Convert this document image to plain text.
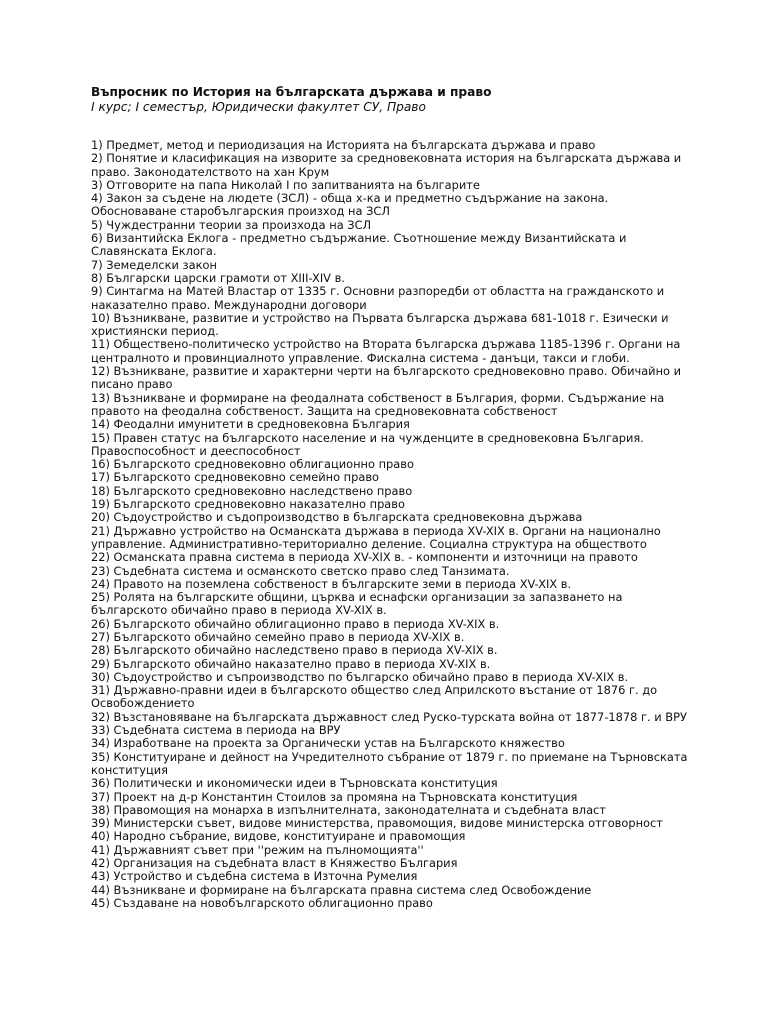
Въпросник по История на българската държава и право

I курс; I семестър, Юридически факултет СУ, Право

1) Предмет, метод и периодизация на Историята на българската държава и право
2) Понятие и класификация на изворите за средновековната история на българската държава и право. Законодателството на хан Крум
3) Отговорите на папа Николай I по запитванията на българите
4) Закон за съдене на людете (ЗСЛ) - обща х-ка и предметно съдържание на закона. Обосноваване старобългарския произход на ЗСЛ
5) Чуждестранни теории за произхода на ЗСЛ
6) Византийска Еклога - предметно съдържание. Съотношение между Византийската и Славянската Еклога.
7) Земеделски закон
8) Български царски грамоти от XIII-XIV в.
9) Синтагма на Матей Властар от 1335 г. Основни разпоредби от областта на гражданското и наказателно право. Международни договори
10) Възникване, развитие и устройство на Първата българска държава 681-1018 г. Езически и християнски период.
11) Обществено-политическо устройство на Втората българска държава 1185-1396 г. Органи на централното и провинциалното управление. Фискална система - данъци, такси и глоби.
12) Възникване, развитие и характерни черти на българското средновековно право. Обичайно и писано право
13) Възникване и формиране на феодалната собственост в България, форми. Съдържание на правото на феодална собственост. Защита на средновековната собственост
14) Феодални имунитети в средновековна България
15) Правен статус на българското население и на чужденците в средновековна България. Правоспособност и дееспособност
16) Българското средновековно облигационно право
17) Българското средновековно семейно право
18) Българското средновековно наследствено право
19) Българското средновековно наказателно право
20) Съдоустройство и съдопроизводство в българската средновековна държава
21) Държавно устройство на Османската държава в периода XV-XIX в. Органи на национално управление. Административно-териториално деление. Социална структура на обществото
22) Османската правна система в периода XV-XIX в. - компоненти и източници на правото
23) Съдебната система и османското светско право след Танзимата.
24) Правото на поземлена собственост в българските земи в периода XV-XIX в.
25) Ролята на българските общини, църква и еснафски организации за запазването на българското обичайно право в периода XV-XIX в.
26) Българското обичайно облигационно право в периода XV-XIX в.
27) Българското обичайно семейно право в периода XV-XIX в.
28) Българското обичайно наследствено право в периода XV-XIX в.
29) Българското обичайно наказателно право в периода XV-XIX в.
30) Съдоустройство и съпроизводство по българско обичайно право в периода XV-XIX в.
31) Държавно-правни идеи в българското общество след Априлското въстание от 1876 г. до Освобождението
32) Възстановяване на българската държавност след Руско-турската война от 1877-1878 г. и ВРУ
33) Съдебната система в периода на ВРУ
34) Изработване на проекта за Органически устав на Българското княжество
35) Конституиране и дейност на Учредителното събрание от 1879 г. по приемане на Търновската конституция
36) Политически и икономически идеи в Търновската конституция
37) Проект на д-р Константин Стоилов за промяна на Търновската конституция
38) Правомощия на монарха в изпълнителната, законодателната и съдебната власт
39) Министерски съвет, видове министерства, правомощия, видове министерска отговорност
40) Народно събрание, видове, конституиране и правомощия
41) Държавният съвет при ''режим на пълномощията''
42) Организация на съдебната власт в Княжество България
43) Устройство и съдебна система в Източна Румелия
44) Възникване и формиране на българската правна система след Освобождение
45) Създаване на новобългарското облигационно право
